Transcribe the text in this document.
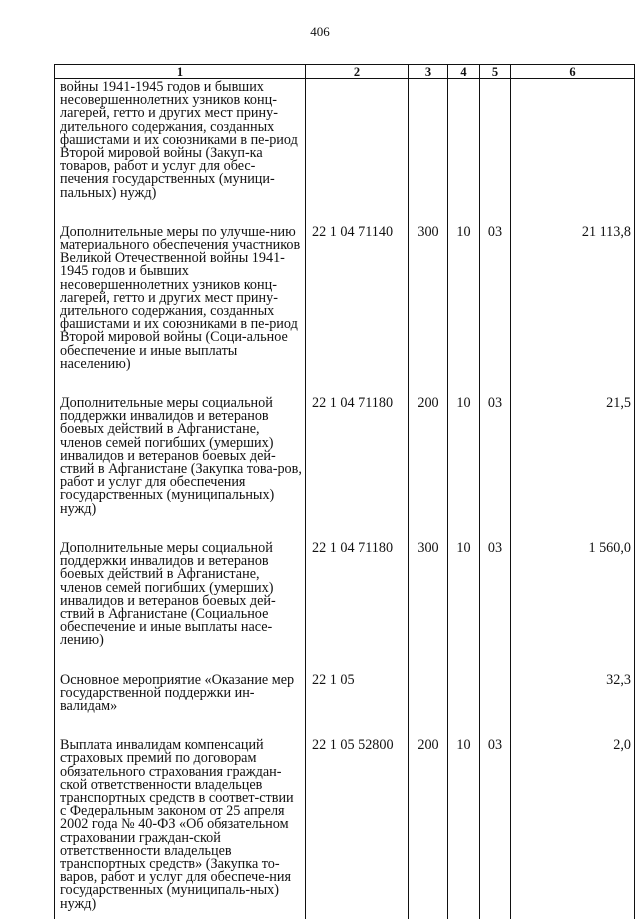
406
1	2	3	4	5	6
войны 1941-1945 годов и бывших несовершеннолетних узников конц-лагерей, гетто и других мест прину-дительного содержания, созданных фашистами и их союзниками в пе-риод Второй мировой войны (Закуп-ка товаров, работ и услуг для обес-печения государственных (муници-пальных) нужд)					
Дополнительные меры по улучше-нию материального обеспечения участников Великой Отечественной войны 1941-1945 годов и бывших несовершеннолетних узников конц-лагерей, гетто и других мест прину-дительного содержания, созданных фашистами и их союзниками в пе-риод Второй мировой войны (Соци-альное обеспечение и иные выплаты населению)	22 1 04 71140	300	10	03	21 113,8
Дополнительные меры социальной поддержки инвалидов и ветеранов боевых действий в Афганистане, членов семей погибших (умерших) инвалидов и ветеранов боевых дей-ствий в Афганистане (Закупка това-ров, работ и услуг для обеспечения государственных (муниципальных) нужд)	22 1 04 71180	200	10	03	21,5
Дополнительные меры социальной поддержки инвалидов и ветеранов боевых действий в Афганистане, членов семей погибших (умерших) инвалидов и ветеранов боевых дей-ствий в Афганистане (Социальное обеспечение и иные выплаты насе-лению)	22 1 04 71180	300	10	03	1 560,0
Основное мероприятие «Оказание мер государственной поддержки ин-валидам»	22 1 05				32,3
Выплата инвалидам компенсаций страховых премий по договорам обязательного страхования граждан-ской ответственности владельцев транспортных средств в соответ-ствии с Федеральным законом от 25 апреля 2002 года № 40-ФЗ «Об обязательном страховании граждан-ской ответственности владельцев транспортных средств» (Закупка то-варов, работ и услуг для обеспече-ния государственных (муниципаль-ных) нужд)	22 1 05 52800	200	10	03	2,0
